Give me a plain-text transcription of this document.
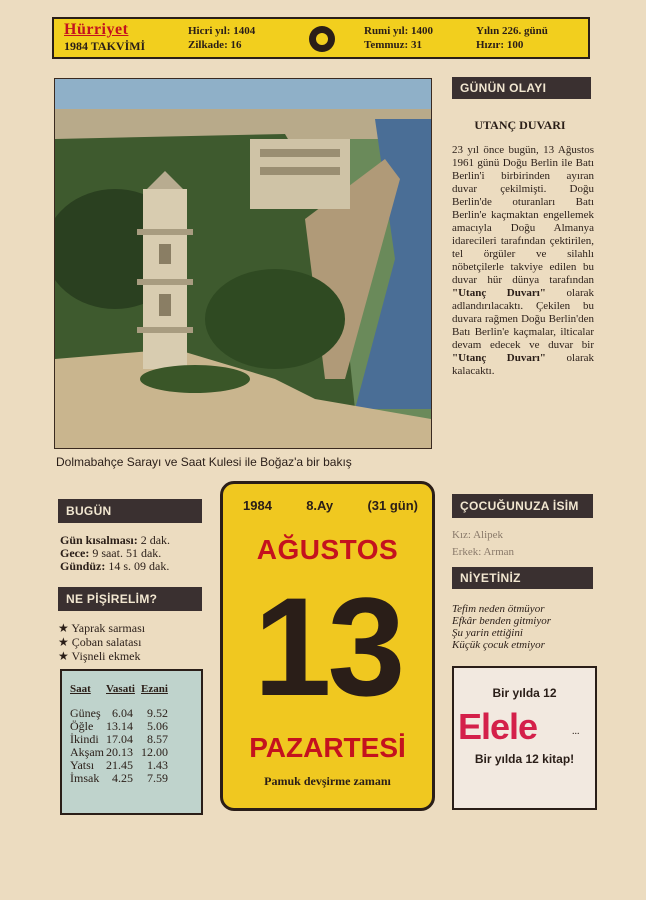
Hürriyet
1984 TAKVİMİ
Hicri yıl: 1404
Zilkade: 16
Rumi yıl: 1400
Temmuz: 31
Yılın 226. günü
Hızır: 100
Dolmabahçe Sarayı ve Saat Kulesi ile Boğaz'a bir bakış
GÜNÜN OLAYI
UTANÇ DUVARI
23 yıl önce bugün, 13 Ağustos 1961 günü Doğu Berlin ile Batı Berlin'i birbirinden ayıran duvar çekilmişti. Doğu Berlin'de oturanları Batı Berlin'e kaçmaktan engellemek amacıyla Doğu Almanya idarecileri tarafından çektirilen, tel örgüler ve silahlı nöbetçilerle takviye edilen bu duvar hür dünya tarafından "Utanç Duvarı" olarak adlandırılacaktı. Çekilen bu duvara rağmen Doğu Berlin'den Batı Berlin'e kaçmalar, ilticalar devam edecek ve duvar bir "Utanç Duvarı" olarak kalacaktı.
BUGÜN
Gün kısalması: 2 dak.
Gece: 9 saat. 51 dak.
Gündüz: 14 s. 09 dak.
NE PİŞİRELİM?
★ Yaprak sarması
★ Çoban salatası
★ Vişneli ekmek
Saat	Vasati	Ezani
Güneş	6.04	9.52
Öğle	13.14	5.06
İkindi	17.04	8.57
Akşam	20.13	12.00
Yatsı	21.45	1.43
İmsak	4.25	7.59
1984	8.Ay	(31 gün)
AĞUSTOS
13
PAZARTESİ
Pamuk devşirme zamanı
ÇOCUĞUNUZA İSİM
Kız: Alipek
Erkek: Arman
NİYETİNİZ
Tefim neden ötmüyor
Efkâr benden gitmiyor
Şu yarin ettiğini
Küçük çocuk etmiyor
Bir yılda 12
Elele	...
Bir yılda 12 kitap!
